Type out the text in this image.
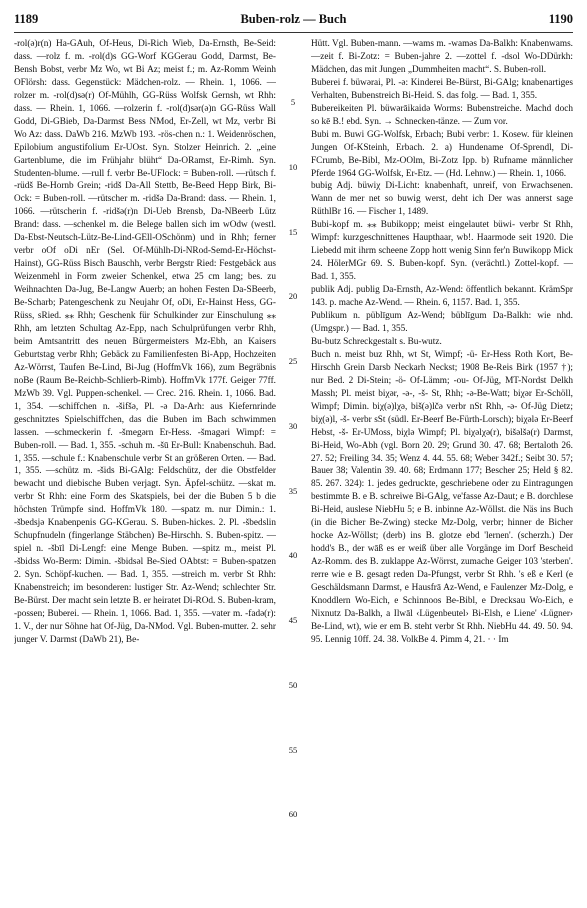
1189	Buben-rolz — Buch	1190

-rol(ə)r(n) Ha-GAuh, Of-Heus, Di-Rich Wieb, Da-Ernsth, Be-Seid: dass. —rolz f. m. -rol(d)s GG-Worf KGGerau Godd, Darmst, Be-Bensh Bobst, verbr Mz Wo, wt Bi Az; meist f.; m. Az-Romm Weinh OFlörsh: dass. Gegenstück: Mädchen-rolz. — Rhein. 1, 1066. —rolzer m. -rol(d)sə(r) Of-Mühlh, GG-Rüss Wolfsk Gernsh, wt Rhh: dass. — Rhein. 1, 1066. —rolzerin f. -rol(d)sər(ə)n GG-Rüss Wall Godd, Di-GBieb, Da-Darmst Bess NMod, Er-Zell, wt Mz, verbr Bi Wo Az: dass. DaWb 216. MzWb 193. -rös-chen n.: 1. Weidenröschen, Epilobium angustifolium Er-UOst. Syn. Stolzer Heinrich. 2. „eine Gartenblume, die im Frühjahr blüht“ Da-ORamst, Er-Rimh. Syn. Studenten-blume. —rull f. verbr Be-UFlock: = Buben-roll. —rütsch f. -rüdš Be-Hornb Grein; -ridš Da-All Stettb, Be-Beed Hepp Birk, Bi-Ock: = Buben-roll. —rütscher m. -ridšə Da-Brand: dass. — Rhein. 1, 1066. —rütscherin f. -ridšə(r)n Di-Ueb Brensb, Da-NBeerb Lütz Brand: dass. —schenkel m. die Belege ballen sich im wOdw (westl. Da-Ebst-Neutsch-Lütz-Be-Lind-GEll-OSchönm) und in Rhh; ferner verbr oOf oDi nEr (Sel. Of-Mühlh-Di-NRod-Semd-Er-Höchst-Hainst), GG-Rüss Bisch Bauschh, verbr Bergstr Ried: Festgebäck aus Weizenmehl in Form zweier Schenkel, etwa 25 cm lang; bes. zu Weihnachten Da-Jug, Be-Langw Auerb; an hohen Festen Da-SBeerb, Be-Scharb; Patengeschenk zu Neujahr Of, oDi, Er-Hainst Hess, GG-Rüss, sRied. ⁎⁎ Rhh; Geschenk für Schulkinder zur Einschulung ⁎⁎ Rhh, am letzten Schultag Az-Epp, nach Schulprüfungen verbr Rhh, beim Amtsantritt des neuen Bürgermeisters Mz-Ebh, an Kaisers Geburtstag verbr Rhh; Gebäck zu Familienfesten Bi-App, Hochzeiten Az-Wörrst, Taufen Be-Lind, Bi-Jug (HoffmVk 166), zum Begräbnis noBe (Raum Be-Reichb-Schlierb-Rimb). HoffmVk 177f. Geiger 77ff. MzWb 39. Vgl. Puppen-schenkel. — Crec. 216. Rhein. 1, 1066. Bad. 1, 354. —schiffchen n. -šifšə, Pl. -ə Da-Arh: aus Kiefernrinde geschnitztes Spielschiffchen, das die Buben im Bach schwimmen lassen. —schmeckerin f. -šmegərn Er-Hess. -šmagəri Wimpf: = Buben-roll. — Bad. 1, 355. -schuh m. -šū Er-Bull: Knabenschuh. Bad. 1, 355. —schule f.: Knabenschule verbr St an größeren Orten. — Bad. 1, 355. —schütz m. -šids Bi-GAlg: Feldschütz, der die Obstfelder bewacht und diebische Buben verjagt. Syn. Äpfel-schütz. —skat m. verbr St Rhh: eine Form des Skatspiels, bei der die Buben 5 b die höchsten Trümpfe sind. HoffmVk 180. —spatz m. nur Dimin.: 1. -šbedsjə Knabenpenis GG-KGerau. S. Buben-hickes. 2. Pl. -šbedslin Schupfnudeln (fingerlange Stäbchen) Be-Hirschh. S. Buben-spitz. —spiel n. -šbīl Di-Lengf: eine Menge Buben. —spitz m., meist Pl. -šbidss Wo-Berm: Dimin. -šbidsəl Be-Sied OAbtst: = Buben-spatzen 2. Syn. Schöpf-kuchen. — Bad. 1, 355. —streich m. verbr St Rhh: Knabenstreich; im besonderen: lustiger Str. Az-Wend; schlechter Str. Be-Bürst. Der macht sein letzte B. er heiratet Di-ROd. S. Buben-kram, -possen; Buberei. — Rhein. 1, 1066. Bad. 1, 355. —vater m. -fadə(r): 1. V., der nur Söhne hat Of-Jüg, Da-NMod. Vgl. Buben-mutter. 2. sehr junger V. Darmst (DaWb 21), Be-

5
10
15
20
25
30
35
40
45
50
55
60

Hütt. Vgl. Buben-mann. —wams m. -waməs Da-Balkh: Knabenwams. —zeit f. Bi-Zotz: = Buben-jahre 2. —zottel f. -dsol Wo-DDürkh: Mädchen, das mit Jungen „Dummheiten macht“. S. Buben-roll.

Buberei f. büwərai, Pl. -ə: Kinderei Be-Bürst, Bi-GAlg; knabenartiges Verhalten, Bubenstreich Bi-Heid. S. das folg. — Bad. 1, 355.

Bubereikeiten Pl. büwərāikaidə Worms: Bubenstreiche. Machd doch so kē B.! ebd. Syn. → Schnecken-tänze. — Zum vor.

Bubi m. Buwi GG-Wolfsk, Erbach; Bubi verbr: 1. Kosew. für kleinen Jungen Of-KSteinh, Erbach. 2. a) Hundename Of-Sprendl, Di-FCrumb, Be-Bibl, Mz-OOlm, Bi-Zotz Ipp. b) Rufname männlicher Pferde 1964 GG-Wolfsk, Er-Etz. — (Hd. Lehnw.) — Rhein. 1, 1066.

bubig Adj. büwiχ Di-Licht: knabenhaft, unreif, von Erwachsenen. Wann de mer net so buwig werst, deht ich Der was annerst sage RüthlBr 16. — Fischer 1, 1489.

Bubi-kopf m. ⁎⁎ Bubikopp; meist eingelautet büwi- verbr St Rhh, Wimpf: kurzgeschnittenes Haupthaar, wb!. Haarmode seit 1920. Die Liebedd mit ihrm scheene Zopp hott wenig Sinn fer'n Buwikopp Mick 24. HölerMGr 69. S. Buben-kopf. Syn. (verächtl.) Zottel-kopf. — Bad. 1, 355.

publik Adj. publig Da-Ernsth, Az-Wend: öffentlich bekannt. KrämSpr 143. p. mache Az-Wend. — Rhein. 6, 1157. Bad. 1, 355.

Publikum n. püblīgum Az-Wend; büblīgum Da-Balkh: wie nhd. (Umgspr.) — Bad. 1, 355.

Bu-butz Schreckgestalt s. Bu-wutz.

Buch n. meist buz Rhh, wt St, Wimpf; -ü- Er-Hess Roth Kort, Be-Hirschh Grein Darsb Neckarh Neckst; 1908 Be-Reis Birk (1957 †); nur Bed. 2 Di-Stein; -ö- Of-Lämm; -ou- Of-Jüg, MT-Nordst Delkh Massh; Pl. meist biχər, -ə-, -š- St, Rhh; -ə-Be-Watt; biχər Er-Schöll, Wimpf; Dimin. biχ(ə)lχə, biš(ə)lčə verbr nSt Rhh, -ə- Of-Jüg Dietz; biχ(ə)l, -š- verbr sSt (südl. Er-Beerf Be-Fürth-Lorsch); biχələ Er-Beerf Hebst, -š- Er-UMoss, biχlə Wimpf; Pl. biχəlχə(r), bišəlšə(r) Darmst, Bi-Heid, Wo-Abh (vgl. Born 20. 29; Grund 30. 47. 68; Bertaloth 26. 27. 52; Freiling 34. 35; Wenz 4. 44. 55. 68; Weber 342f.; Seibt 30. 57; Bauer 38; Valentin 39. 40. 68; Erdmann 177; Bescher 25; Held § 82. 85. 267. 324): 1. jedes gedruckte, geschriebene oder zu Eintragungen bestimmte B. e B. schreiwe Bi-GAlg, ve'fasse Az-Daut; e B. dorchlese Bi-Heid, auslese NiebHu 5; e B. inbinne Az-Wöllst. die Näs ins Buch (in die Bicher Be-Zwing) stecke Mz-Dolg, verbr; hinner de Bicher hocke Az-Wöllst; (derb) ins B. glotze ebd 'lernen'. (scherzh.) Der hodd's B., der wāß es er weiß über alle Vorgänge im Dorf Bescheid Az-Romm. des B. zuklappe Az-Wörrst, zumache Geiger 103 'sterben'. rerre wie e B. gesagt reden Da-Pfungst, verbr St Rhh. 's eß e Kerl (e Geschäldsmann Darmst, e Hausfrā Az-Wend, e Faulenzer Mz-Dolg, e Knoddlern Wo-Eich, e Schinnoos Be-Bibl, e Drecksau Wo-Eich, e Nixnutz Da-Balkh, a Ilwāl ‹Lügenbeutel› Bi-Elsh, e Liene' ‹Lügner› Be-Lind, wt), wie er em B. steht verbr St Rhh. NiebHu 44. 49. 50. 94. 95. Lennig 10ff. 24. 38. VolkBe 4. Pimm 4, 21. · · Im
